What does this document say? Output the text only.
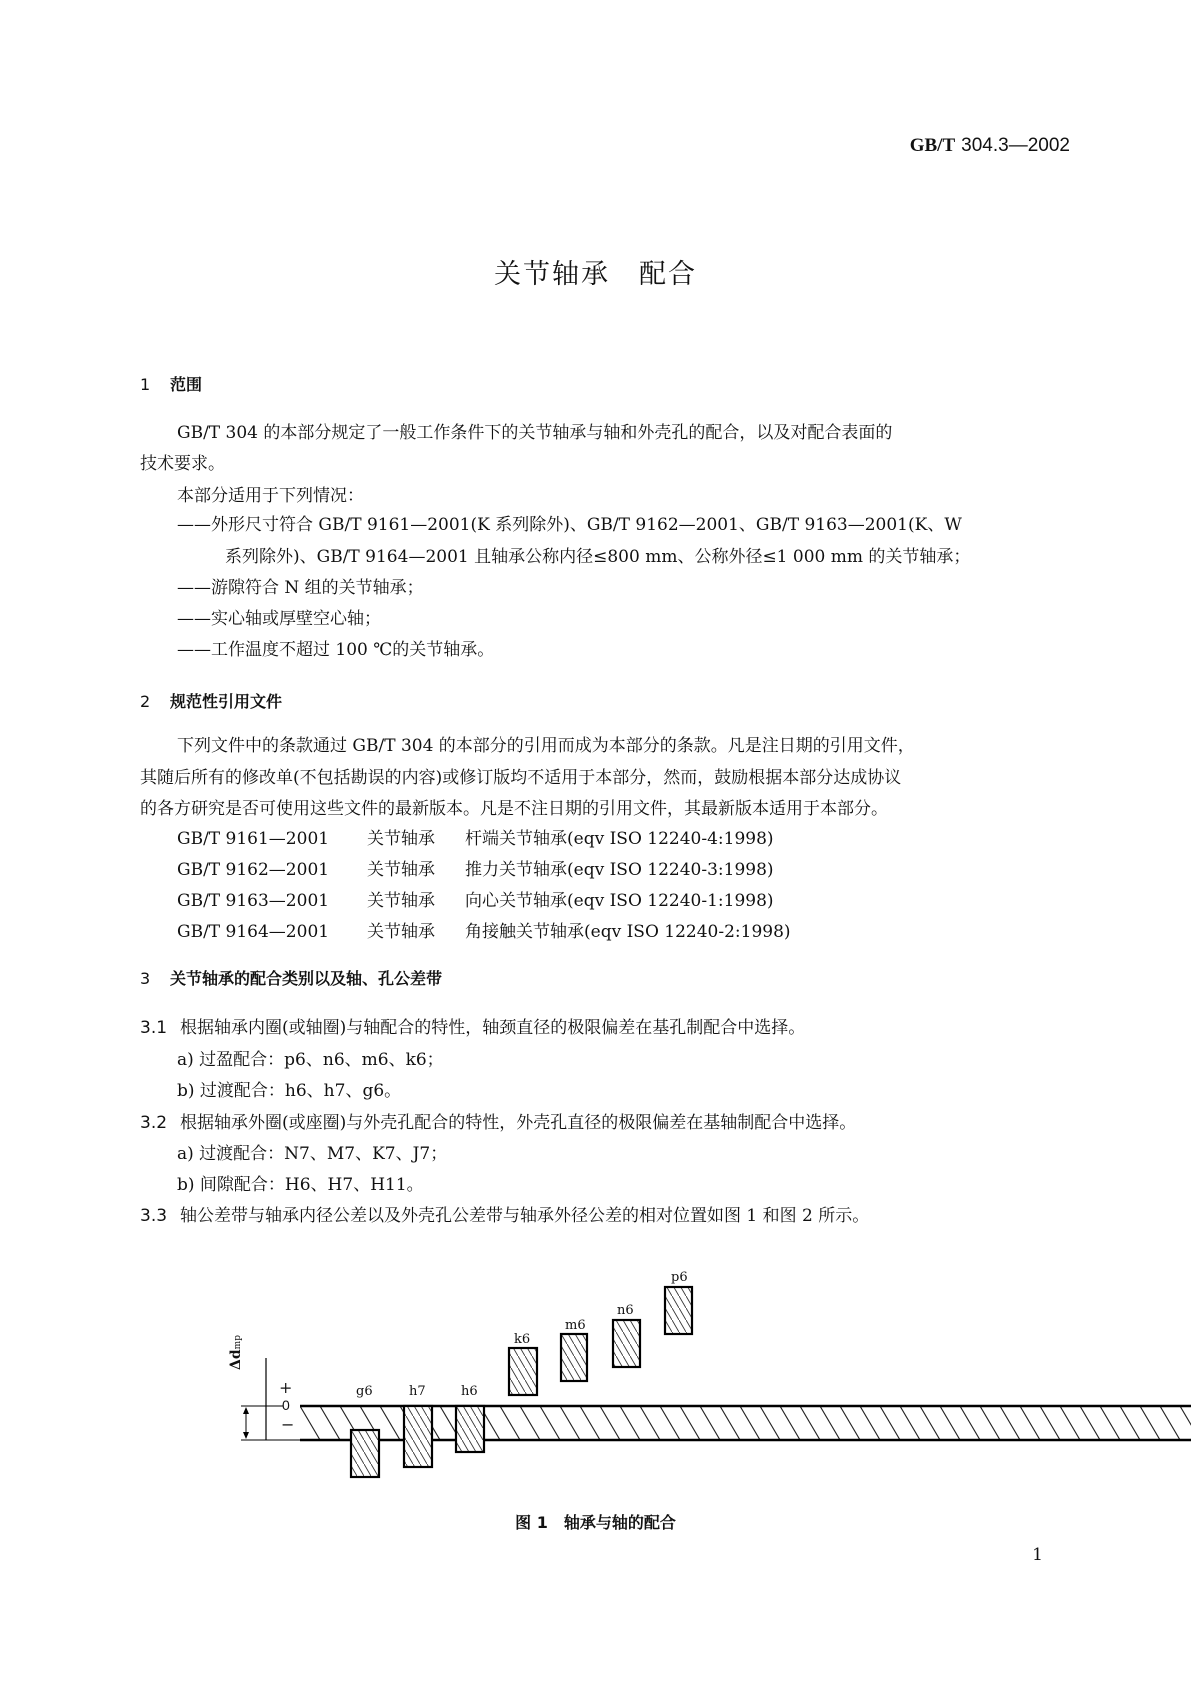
GB/T 304.3—2002
关节轴承　配合
1 范围
GB/T 304 的本部分规定了一般工作条件下的关节轴承与轴和外壳孔的配合，以及对配合表面的
技术要求。
本部分适用于下列情况：
——外形尺寸符合 GB/T 9161—2001(K 系列除外)、GB/T 9162—2001、GB/T 9163—2001(K、W
系列除外)、GB/T 9164—2001 且轴承公称内径≤800 mm、公称外径≤1 000 mm 的关节轴承；
——游隙符合 N 组的关节轴承；
——实心轴或厚壁空心轴；
——工作温度不超过 100 ℃的关节轴承。
2 规范性引用文件
下列文件中的条款通过 GB/T 304 的本部分的引用而成为本部分的条款。凡是注日期的引用文件，
其随后所有的修改单(不包括勘误的内容)或修订版均不适用于本部分，然而，鼓励根据本部分达成协议
的各方研究是否可使用这些文件的最新版本。凡是不注日期的引用文件，其最新版本适用于本部分。
GB/T 9161—2001 关节轴承 杆端关节轴承(eqv ISO 12240-4:1998)
GB/T 9162—2001 关节轴承 推力关节轴承(eqv ISO 12240-3:1998)
GB/T 9163—2001 关节轴承 向心关节轴承(eqv ISO 12240-1:1998)
GB/T 9164—2001 关节轴承 角接触关节轴承(eqv ISO 12240-2:1998)
3 关节轴承的配合类别以及轴、孔公差带
3.1 根据轴承内圈(或轴圈)与轴配合的特性，轴颈直径的极限偏差在基孔制配合中选择。
a) 过盈配合：p6、n6、m6、k6；
b) 过渡配合：h6、h7、g6。
3.2 根据轴承外圈(或座圈)与外壳孔配合的特性，外壳孔直径的极限偏差在基轴制配合中选择。
a) 过渡配合：N7、M7、K7、J7；
b) 间隙配合：H6、H7、H11。
3.3 轴公差带与轴承内径公差以及外壳孔公差带与轴承外径公差的相对位置如图 1 和图 2 所示。
Δdmp
+
0
−
g6	h7	h6
k6
m6
n6
p6
图 1　轴承与轴的配合
1
